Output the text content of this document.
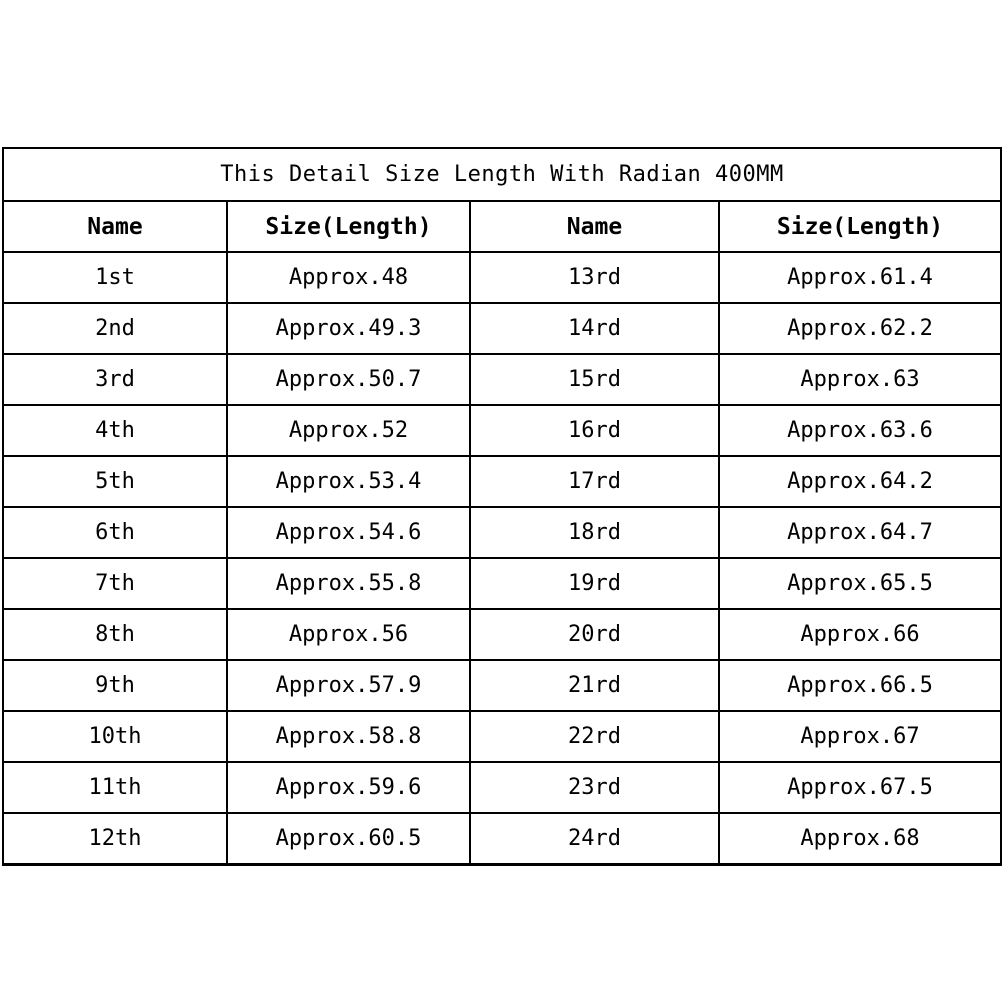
This Detail Size Length With Radian 400MM			
Name	Size(Length)	Name	Size(Length)
1st	Approx.48	13rd	Approx.61.4
2nd	Approx.49.3	14rd	Approx.62.2
3rd	Approx.50.7	15rd	Approx.63
4th	Approx.52	16rd	Approx.63.6
5th	Approx.53.4	17rd	Approx.64.2
6th	Approx.54.6	18rd	Approx.64.7
7th	Approx.55.8	19rd	Approx.65.5
8th	Approx.56	20rd	Approx.66
9th	Approx.57.9	21rd	Approx.66.5
10th	Approx.58.8	22rd	Approx.67
11th	Approx.59.6	23rd	Approx.67.5
12th	Approx.60.5	24rd	Approx.68
